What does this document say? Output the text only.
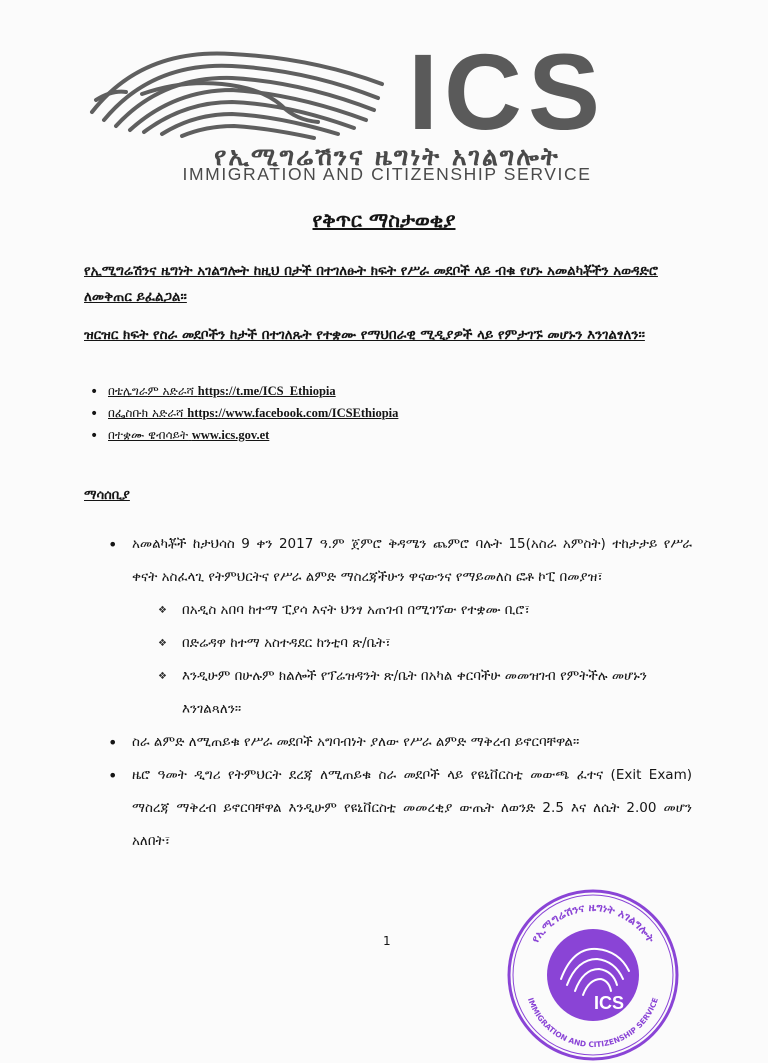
ICS
የኢሚግሬሽንና ዜግነት አገልግሎት
IMMIGRATION AND CITIZENSHIP SERVICE
የቅጥር ማስታወቂያ
የኢሚግሬሽንና ዜግነት አገልግሎት ከዚህ በታች በተገለፁት ክፍት የሥራ መደቦች ላይ ብቁ የሆኑ አመልካቾችን አወዳድሮ ለመቅጠር ይፈልጋል፡፡
ዝርዝር ክፍት የስራ መደቦችን ከታች በተገለጹት የተቋሙ የማህበራዊ ሚዲያዎች ላይ የምታገኙ መሆኑን እንገልፃለን፡፡
• በቴሌግራም አድራሻ https://t.me/ICS_Ethiopia
• በፌስቡክ አድራሻ https://www.facebook.com/ICSEthiopia
• በተቋሙ ዌብሳይት www.ics.gov.et
ማሳሰቢያ
• አመልካቾች ከታህሳስ 9 ቀን 2017 ዓ.ም ጀምሮ ቅዳሜን ጨምሮ ባሉት 15(አስራ አምስት) ተከታታይ የሥራ ቀናት አስፈላጊ የትምህርትና የሥራ ልምድ ማስረጃችሁን ዋናውንና የማይመለስ ፎቶ ኮፒ በመያዝ፣
❖ በአዲስ አበባ ከተማ ፒያሳ እናት ህንፃ አጠገብ በሚገኘው የተቋሙ ቢሮ፣
❖ በድሬዳዋ ከተማ አስተዳደር ከንቲባ ጽ/ቤት፣
❖ እንዲሁም በሁሉም ክልሎች የፕሬዝዳንት ጽ/ቤት በአካል ቀርባችሁ መመዝገብ የምትችሉ መሆኑን እንገልጻለን።
• ስራ ልምድ ለሚጠይቁ የሥራ መደቦች አግባብነት ያለው የሥራ ልምድ ማቅረብ ይኖርባቸዋል።
• ዜሮ ዓመት ዲግሪ የትምህርት ደረጃ ለሚጠይቁ ስራ መደቦች ላይ የዩኒቨርስቲ መውጫ ፈተና (Exit Exam) ማስረጃ ማቅረብ ይኖርባቸዋል እንዲሁም የዩኒቨርስቲ መመረቂያ ውጤት ለወንድ 2.5 እና ለሴት 2.00 መሆን አለበት፣
1	የኢሚግሬሽንና ዜግነት አገልግሎት
IMMIGRATION AND CITIZENSHIP SERVICE
ICS
